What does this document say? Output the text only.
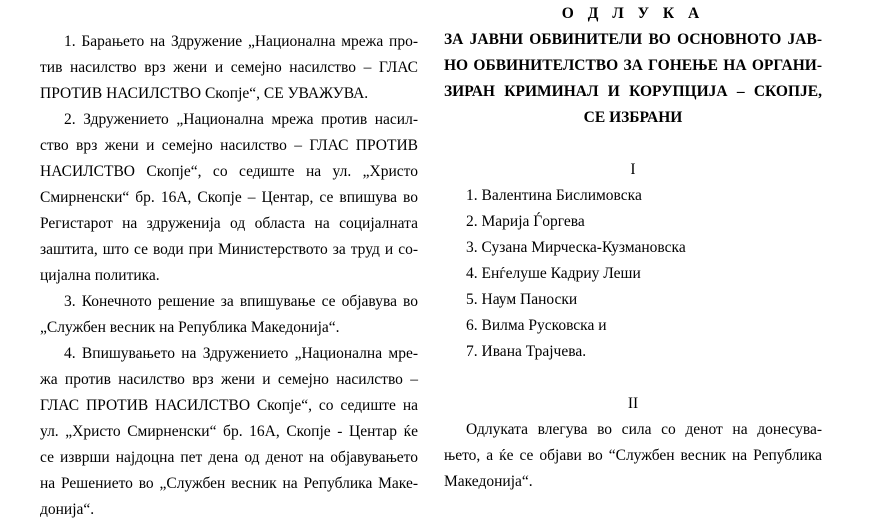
1. Барањето на Здружение „Национална мрежа про-
тив насилство врз жени и семејно насилство – ГЛАС
ПРОТИВ НАСИЛСТВО Скопје“, СЕ УВАЖУВА.
2. Здружението „Национална мрежа против насил-
ство врз жени и семејно насилство – ГЛАС ПРОТИВ
НАСИЛСТВО Скопје“, со седиште на ул. „Христо
Смирненски“ бр. 16А, Скопје – Центар, се впишува во
Регистарот на здруженија од областа на социјалната
заштита, што се води при Министерството за труд и со-
цијална политика.
3. Конечното решение за впишување се објавува во
„Службен весник на Република Македонија“.
4. Впишувањето на Здружението „Национална мре-
жа против насилство врз жени и семејно насилство –
ГЛАС ПРОТИВ НАСИЛСТВО Скопје“, со седиште на
ул. „Христо Смирненски“ бр. 16А, Скопје - Центар ќе
се изврши најдоцна пет дена од денот на објавувањето
на Решението во „Службен весник на Република Маке-
донија“.
О Д Л У К А
ЗА ЈАВНИ ОБВИНИТЕЛИ ВО ОСНОВНОТО ЈАВ-
НО ОБВИНИТЕЛСТВО ЗА ГОНЕЊЕ НА ОРГАНИ-
ЗИРАН КРИМИНАЛ И КОРУПЦИЈА – СКОПЈЕ,
СЕ ИЗБРАНИ
I
1. Валентина Бислимовска
2. Марија Ѓоргева
3. Сузана Мирческа-Кузмановска
4. Енѓелуше Кадриу Леши
5. Наум Паноски
6. Вилма Русковска и
7. Ивана Трајчева.
II
Одлуката влегува во сила со денот на донесува-
њето, а ќе се објави во “Службен весник на Република
Македонија“.
